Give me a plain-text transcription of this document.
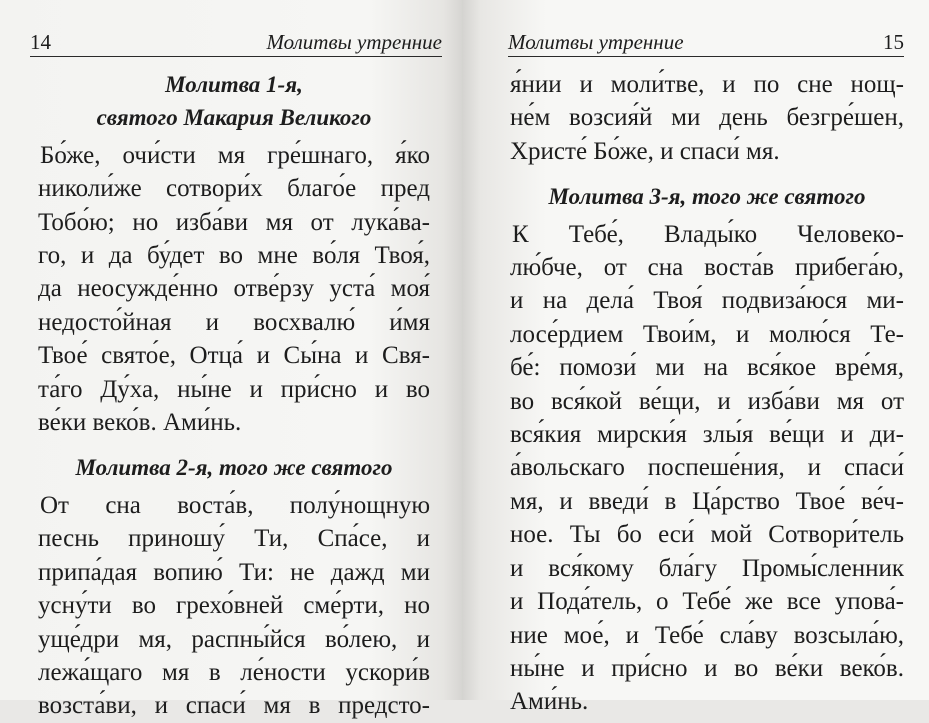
14	Молитвы утренние
Молитва 1-я,
святого Макария Великого
Бо́же, очи́сти мя гре́шнаго, я́ко
николи́же сотвори́х благо́е пред
Тобо́ю; но изба́ви мя от лука́ва-
го, и да бу́дет во мне во́ля Твоя́,
да неосужде́нно отве́рзу уста́ моя́
недосто́йная и восхвалю́ и́мя
Твое́ свято́е, Отца́ и Сы́на и Свя-
та́го Ду́ха, ны́не и при́сно и во
ве́ки веко́в. Ами́нь.
Молитва 2-я, того же святого
От сна воста́в, полу́нощную
песнь приношу́ Ти, Спа́се, и
припа́дая вопию́ Ти: не дажд ми
усну́ти во грехо́вней сме́рти, но
уще́дри мя, распны́йся во́лею, и
лежа́щаго мя в ле́ности ускори́в
возста́ви, и спаси́ мя в предсто-
Молитвы утренние	15
я́нии и моли́тве, и по сне нощ-
не́м возсия́й ми день безгре́шен,
Христе́ Бо́же, и спаси́ мя.
Молитва 3-я, того же святого
К Тебе́, Влады́ко Человеко-
лю́бче, от сна воста́в прибега́ю,
и на дела́ Твоя́ подвиза́юся ми-
лосе́рдием Твои́м, и молю́ся Те-
бе́: помози́ ми на вся́кое вре́мя,
во вся́кой ве́щи, и изба́ви мя от
вся́кия мирски́я злы́я ве́щи и ди-
а́вольскаго поспеше́ния, и спаси́
мя, и введи́ в Ца́рство Твое́ ве́ч-
ное. Ты бо еси́ мой Сотвори́тель
и вся́кому бла́гу Промы́сленник
и Пода́тель, о Тебе́ же все упова́-
ние мое́, и Тебе́ сла́ву возсыла́ю,
ны́не и при́сно и во ве́ки веко́в.
Ами́нь.
